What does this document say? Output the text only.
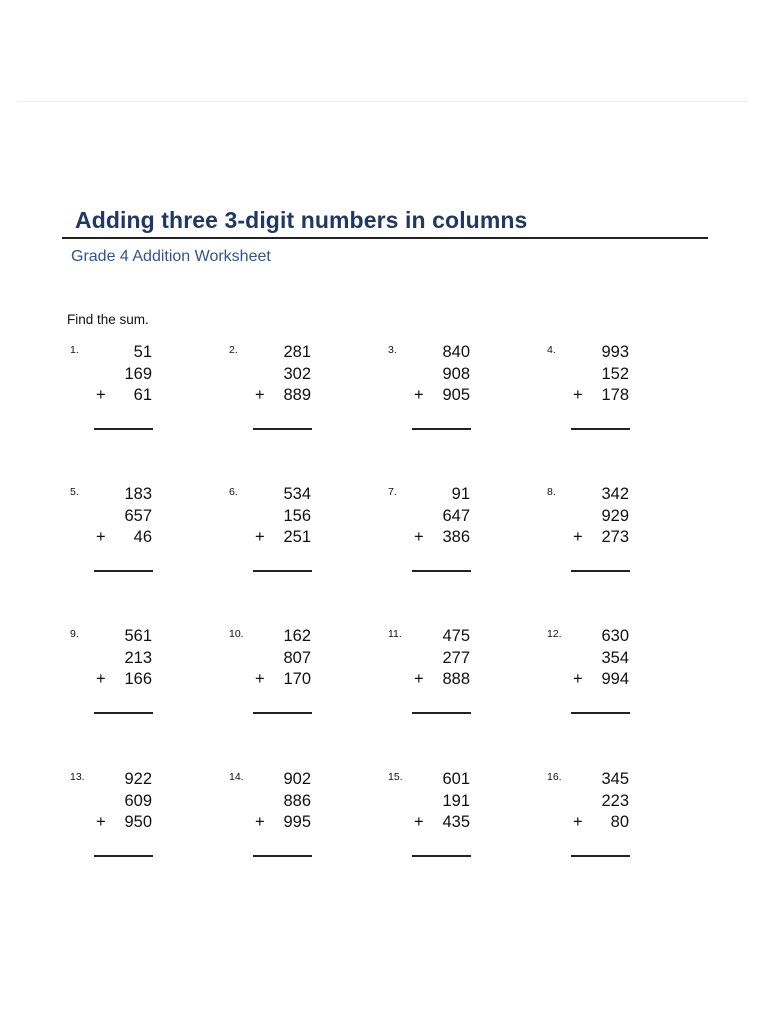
Adding three 3-digit numbers in columns
Grade 4 Addition Worksheet
Find the sum.
1.	51
169
+ 61
2.	281
302
+ 889
3.	840
908
+ 905
4.	993
152
+ 178
5.	183
657
+ 46
6.	534
156
+ 251
7.	91
647
+ 386
8.	342
929
+ 273
9.	561
213
+ 166
10.	162
807
+ 170
11.	475
277
+ 888
12.	630
354
+ 994
13.	922
609
+ 950
14.	902
886
+ 995
15.	601
191
+ 435
16.	345
223
+ 80
